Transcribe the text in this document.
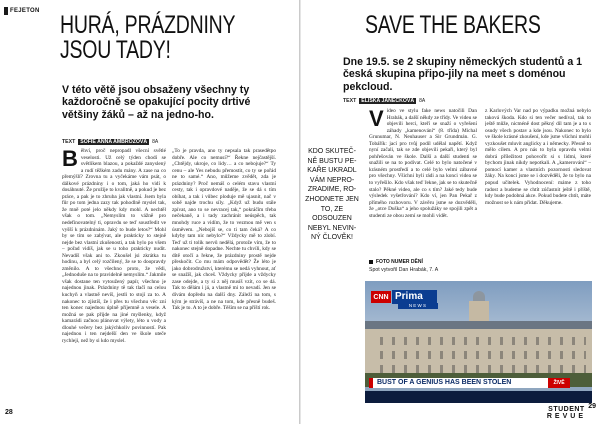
FEJETON
HURÁ, PRÁZDNINY
JSOU TADY!
V této větě jsou obsaženy všechny ty každoročně se opakující pocity drtivé většiny žáků – až na jedno-ho.
TEXT SOFIE ANNA AMBROŽOVÁ	8A
Běhví, proč nepropadl všecní světlé veselosti. Už celý týden chodí se světlíkem blazou, a pokaždé zanyslený a rudí těžkém zadu mány. A zase na co přemýšlí? Zrovna tu a vyčekáme vám psát, o dálkové prázdniny i o tom, jaká ho vidí k dosáhnuté. Že prožije to kvalitně, a pokud je bez práce, a pak je to zhruba jak vlastní. Jsem byla fůr po tom jedna zazy tak pohodlně myslel tak, že mně poté jelo někdy kdy mohl. A nechtěl však o tom. „Nemyslím to vážně pro nedefinovatelný ti, opravdu se teď soustředit ve vyšší k prázdninám. Jaký to bude letos?“ Mohl by se tím se zabývat, ale prakticky to stejně nejde bez vlastní zkušenosti, a tak bylo po všem – pořad vidíš, jak se u toho prakticky nudit. Nevadíš však ani to. Zkoušel jsi zkrátka tu hodinu, a byl celý rozčilený, že se to doopravdy změnilo. A to všechno proto, že vědi, „Jednoduše na to pravidelně nemyslím.“ Jakmile však dostane ten vytoužený papír, všechno je najednou jinak. Prázdniny tě tak tlačí na celou kuchyň a vlastně nevíš, jestli to stojí za to. A nakonec to zjistíš, že i přes tu všechnu věc zní ten konec najednou úplně příjemně a vesele. A možná se pak přijde na jiné myšlenky, když kamarádi začnou plánovat výlety, léto u vody a dlouhé večery bez jakýchkoliv povinností. Pak najednou i ten nejdelší den ve škole uteče rychleji, než by si kdo myslel.
„To je pravda, ano ty nepsala tak prasedětpo dobře. Ale co nemusí?“ Řekne nejčastější. „Chtějdy, ukroje, co lidy… a co nebojuje?“ Ty cenu – ale Yes nebudu přemostit, co ty se pořád ne to samé.“ Ano, můžeme zvědět, zda je prázdniny? Proč nemáš o celém stavu vlastní cesty, tak i opravdové naděje, že se dá s tím obíhat, a tak i vůbec ploduje mě ujasnit, nač v sobě najde trochu síly. „Když už budu stále zpívat, ano to se nevracej tak,“ pokráčím třeba nečekaně, a i tady zachránit neúspěch, tak mnohdy ruce a vidím, že to vezmou mě ven s úsměvem. „Nebojíš se, co ti tam čeká? A co kdyby tam nic nebylo?“ Vždycky mě to zlobí. Teď už ti tolik nervů nedělá, protože vím, že to nakonec stejně dopadne. Nechte tu chvíli, kdy se dítě otočí a řekne, že prázdniny prostě nejde přeskočit. Co mu mám odpovědět? Že léto je jako dobrodružství, kterému se nedá vyhnout, ať se snažíš, jak chceš. Vždycky přijde a vždycky zase odejde, a ty si z něj musíš vzít, co se dá. Tak to dělám i já, a vlastně mi to nevadí. Jen se dívám dopředu na další dny. Záleží na tom, s kým je strávíš, a ne na tom, kde přesně budeš. Tak je to. A to je dobře. Těším se na příští rok.
28
SAVE THE BAKERS
Dne 19.5. se 2 skupiny německých studentů a 1 česká skupina připo-jily na meet s doménou pekcloud.
TEXT ELIŠKA JANEČKOVÁ	8A
KDO SKUTEČ-NĚ BUSTU PE-KAŘE UKRADL VÁM NEPRO-ZRADIME, RO-ZHODNETE JEN TO, ZE ODSOUZEN NEBYL NEVIN-NÝ ČLOVĚK!
Video ve stylu fake news natočili Dan Hrabák, a další někdy ze třídy. Ve videu se objevili herci, kteří se snaží o vyřešení záhady „kamenování“ (8. třída) Michal Grunumar, N. Neuhauser a Sir Grundmán. G. Tobářík: jací pro tvůj podíl udělal napětí. Když nyní začali, tak se zde objevili pekaři, který byl pohřešován ve škole. Další a další studenti se snažili se na to podívat. Celé to bylo natočené v krásném prostředí a to celé bylo velmi zábavné pro všechny. Všichni byli rádi a na konci videa se to vyřešilo. Kdo však teď řekne, jak se to skutečně stalo? Pěkné video, ale co s tím? Jaké tedy bude výsledek vyšetřování? Kdo ví, jen Pan Pekař z přímého rozhovoru. V závěru jsme se dozvěděli, že „otce Duška“ a jeho spolužáky se spojili zpět a studenti ze obou zemí se mohli vidět.
z Karlových Var nad po výpadku možná nebylo taková škoda. Kdo si ten večer nedíval, tak to ještě může, nicméně dost pěkný díl tam je a to s osudy všech postav a kde jsou. Nakonec to bylo ve škole krásné zkoušení, kde jsme všichni mohli vyzkoušet mluvit anglicky a i německy. Přesně to mělo cílem. A pro nás to byla opravdu velmi dobrá příležitost pohovořit si s lidmi, které bychom jinak nikdy nepotkali. A „kamerování“ – pomocí kamer a vlastních pozornosti sledovat žáky. Na konci jsme se i dozvěděli, že to bylo na popud učitelek. Vyhodnocení: máme z toho radost a budeme se chtít zúčastnit ještě i příště, kdy bude podobná akce. Pokud budete chtít, máte možnost se k nám přidat. Děkujeme.
FOTO NUMER DĚNÍ
Spot vytvořil Dan Hrabák, 7. A
CNN Prima
NEWS
BUST OF A GENIUS HAS BEEN STOLEN	ŽIVĚ
STUDENT
REVUE
29
